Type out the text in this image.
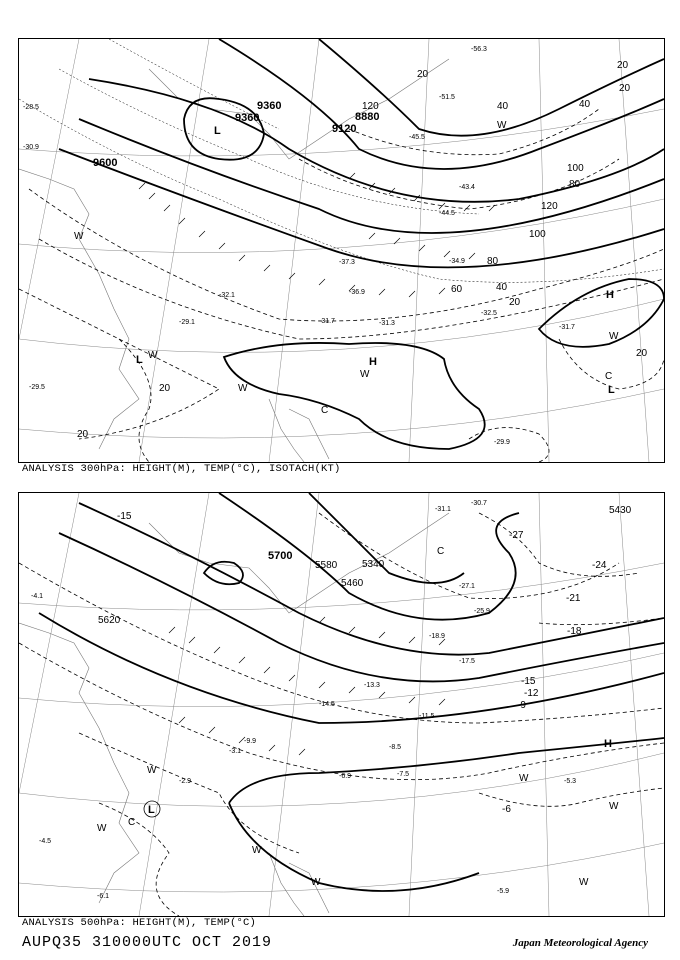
9360
9360
9120
8880
9600
120
100
80
60	40
20
40
80
100
120
40
20
20
20
20
20
20
-56.3
-51.5
-45.5
-44.5
-43.4
-37.3	-34.9
-36.9
-32.1
-31.7	-31.3
-32.5
-29.1
-29.5
-29.9
-31.7
-30.9
-28.5
L
H
H
L
L
C
C
W
W
W
W
W
W
ANALYSIS 300hPa: HEIGHT(M), TEMP(°C), ISOTACH(KT)
5700
5580
5460
5340
5620
5430
-15
-27
-24
-21
-18
-15
-12
-9
-6
-31.1
-30.7
-25.9
-27.1
-18.9
-17.5
-13.3
-11.5
-14.5
-8.5
-7.5
-6.9
-5.3
-5.9
-6.1
-4.1
-4.5
-2.9
-3.1
-9.9	H
L
C
C
W
W
W
W
W
W
W
ANALYSIS 500hPa: HEIGHT(M), TEMP(°C)
AUPQ35 310000UTC OCT 2019	Japan Meteorological Agency
